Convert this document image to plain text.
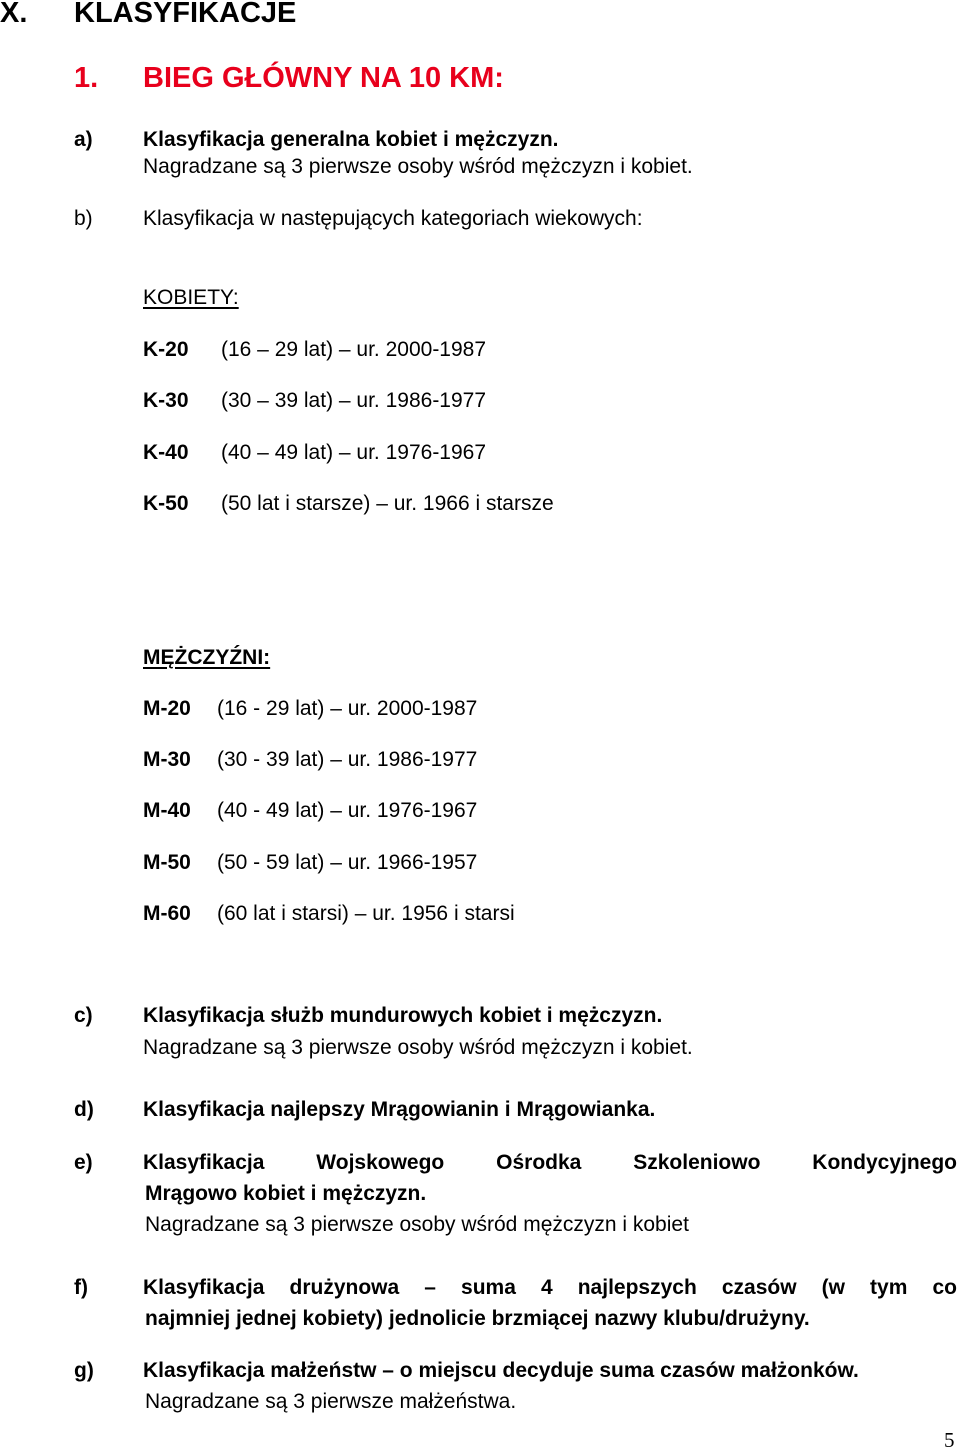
X. KLASYFIKACJE
1. BIEG GŁÓWNY NA 10 KM:
a) Klasyfikacja generalna kobiet i mężczyzn.
Nagradzane są 3 pierwsze osoby wśród mężczyzn i kobiet.
b) Klasyfikacja w następujących kategoriach wiekowych:
KOBIETY:
K-20 (16 – 29 lat) – ur. 2000-1987
K-30 (30 – 39 lat) – ur. 1986-1977
K-40 (40 – 49 lat) – ur. 1976-1967
K-50 (50 lat i starsze) – ur. 1966 i starsze
MĘŻCZYŹNI:
M-20 (16 - 29 lat) – ur. 2000-1987
M-30 (30 - 39 lat) – ur. 1986-1977
M-40 (40 - 49 lat) – ur. 1976-1967
M-50 (50 - 59 lat) – ur. 1966-1957
M-60 (60 lat i starsi) – ur. 1956 i starsi
c) Klasyfikacja służb mundurowych kobiet i mężczyzn.
Nagradzane są 3 pierwsze osoby wśród mężczyzn i kobiet.
d) Klasyfikacja najlepszy Mrągowianin i Mrągowianka.
e) Klasyfikacja Wojskowego Ośrodka Szkoleniowo Kondycyjnego
Mrągowo kobiet i mężczyzn.
Nagradzane są 3 pierwsze osoby wśród mężczyzn i kobiet
f)	Klasyfikacja drużynowa – suma 4 najlepszych czasów (w tym co
najmniej jednej kobiety) jednolicie brzmiącej nazwy klubu/drużyny.
g) Klasyfikacja małżeństw – o miejscu decyduje suma czasów małżonków.
Nagradzane są 3 pierwsze małżeństwa.
5
